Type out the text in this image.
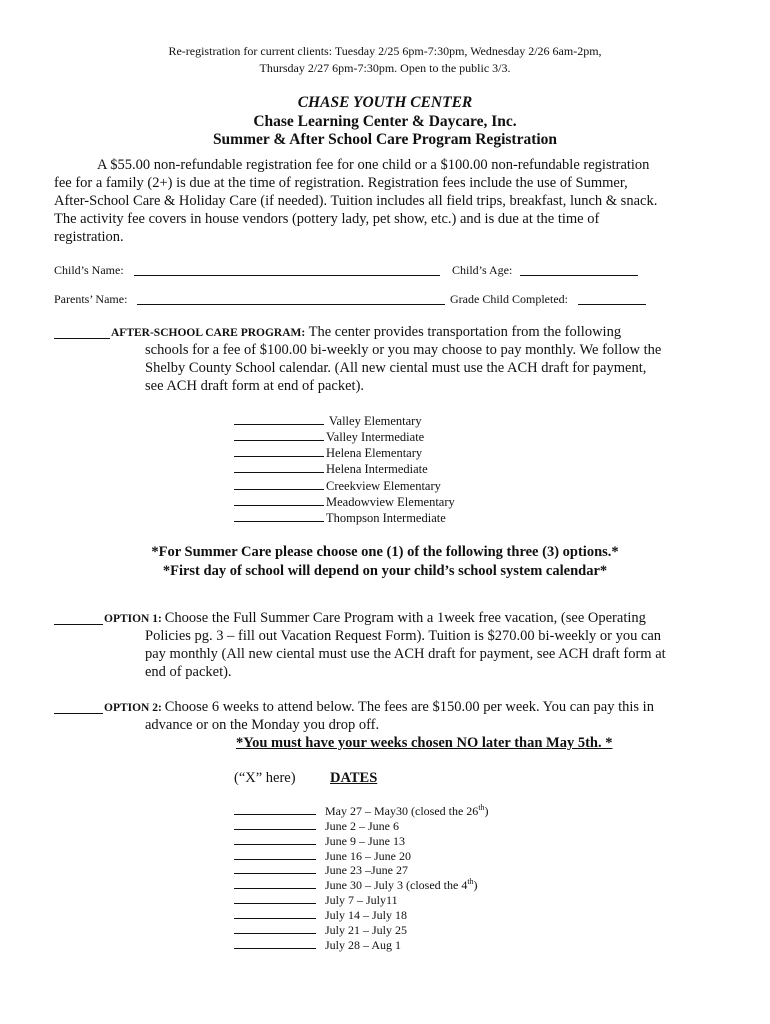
Re-registration for current clients: Tuesday 2/25 6pm-7:30pm, Wednesday 2/26 6am-2pm,
Thursday 2/27 6pm-7:30pm. Open to the public 3/3.
CHASE YOUTH CENTER
Chase Learning Center & Daycare, Inc.
Summer & After School Care Program Registration
A $55.00 non-refundable registration fee for one child or a $100.00 non-refundable registration
fee for a family (2+) is due at the time of registration. Registration fees include the use of Summer,
After-School Care & Holiday Care (if needed). Tuition includes all field trips, breakfast, lunch & snack.
The activity fee covers in house vendors (pottery lady, pet show, etc.) and is due at the time of
registration.
Child’s Name:	Child’s Age:
Parents’ Name:	Grade Child Completed:
AFTER-SCHOOL CARE PROGRAM: The center provides transportation from the following
schools for a fee of $100.00 bi-weekly or you may choose to pay monthly. We follow the
Shelby County School calendar. (All new ciental must use the ACH draft for payment,
see ACH draft form at end of packet).
Valley Elementary
Valley Intermediate
Helena Elementary
Helena Intermediate
Creekview Elementary
Meadowview Elementary
Thompson Intermediate
*For Summer Care please choose one (1) of the following three (3) options.*
*First day of school will depend on your child’s school system calendar*
OPTION 1: Choose the Full Summer Care Program with a 1week free vacation, (see Operating
Policies pg. 3 – fill out Vacation Request Form). Tuition is $270.00 bi-weekly or you can
pay monthly (All new ciental must use the ACH draft for payment, see ACH draft form at
end of packet).
OPTION 2: Choose 6 weeks to attend below. The fees are $150.00 per week. You can pay this in
advance or on the Monday you drop off.
*You must have your weeks chosen NO later than May 5th. *
(“X” here) DATES
May 27 – May30 (closed the 26th)
June 2 – June 6
June 9 – June 13
June 16 – June 20
June 23 –June 27
June 30 – July 3 (closed the 4th)
July 7 – July11
July 14 – July 18
July 21 – July 25
July 28 – Aug 1
